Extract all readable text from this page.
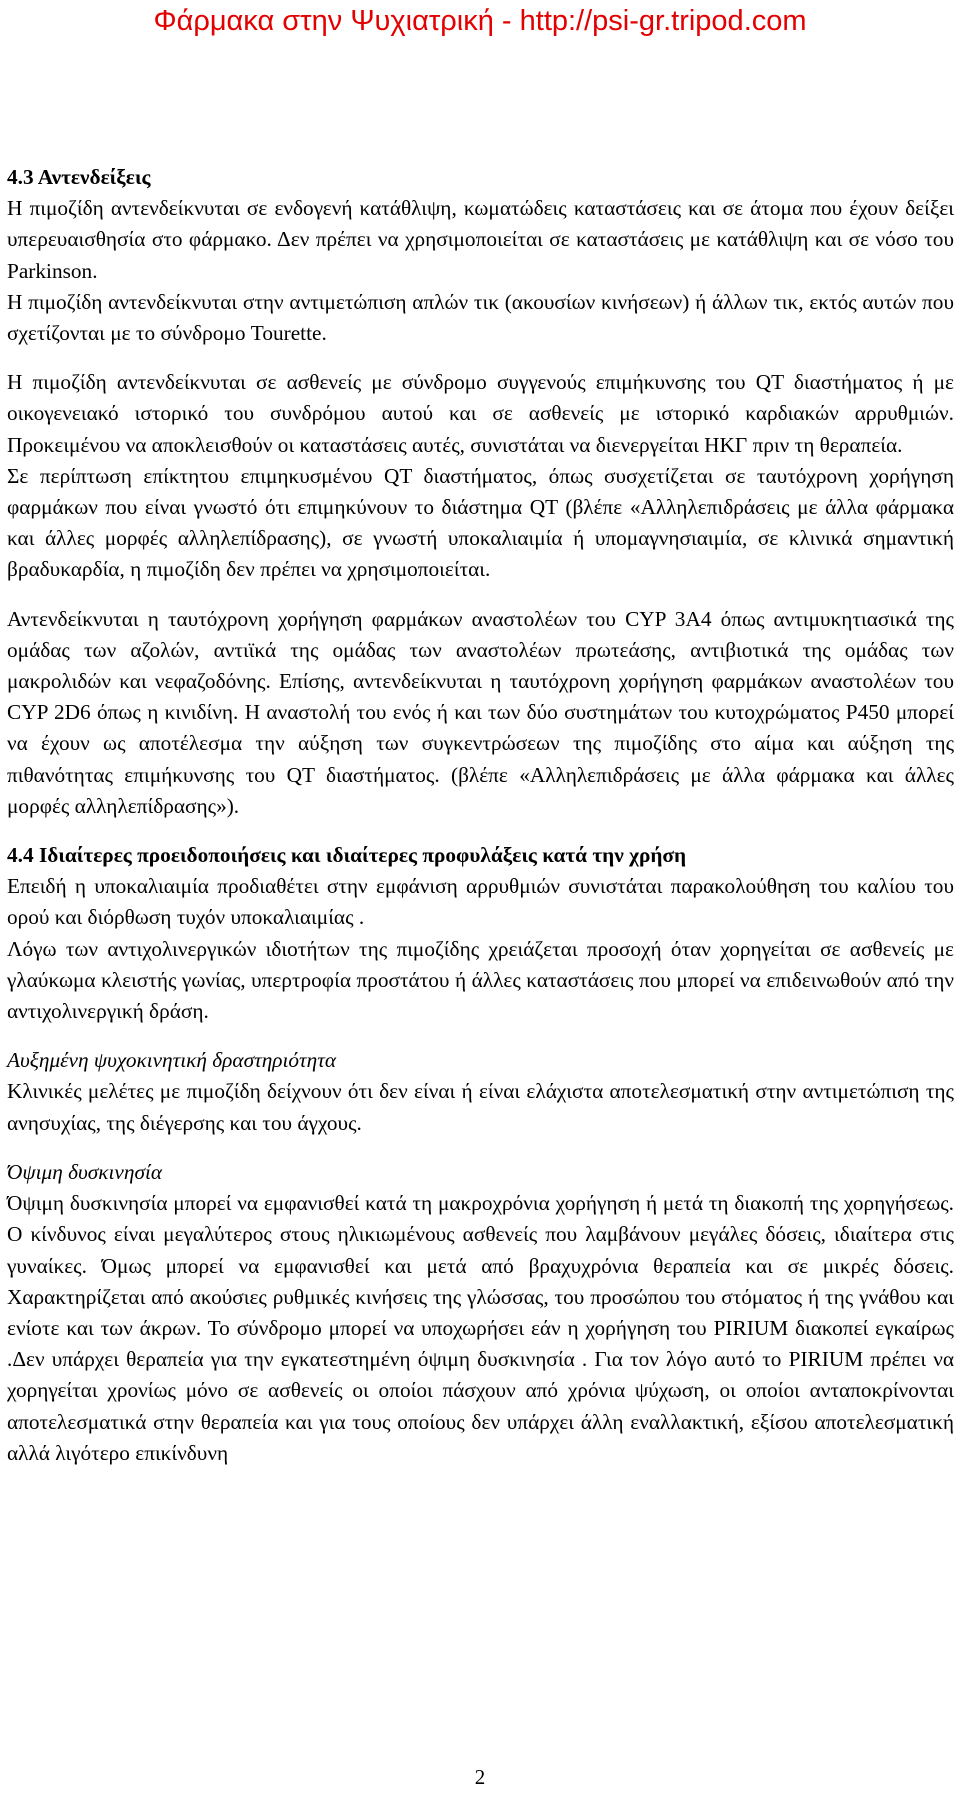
Φάρμακα στην Ψυχιατρική - http://psi-gr.tripod.com

4.3 Αντενδείξεις

Η πιμοζίδη αντενδείκνυται σε ενδογενή κατάθλιψη, κωματώδεις καταστάσεις και σε άτομα που έχουν δείξει υπερευαισθησία στο φάρμακο. Δεν πρέπει να χρησιμοποιείται σε καταστάσεις με κατάθλιψη και σε νόσο του Parkinson.

Η πιμοζίδη αντενδείκνυται στην αντιμετώπιση απλών τικ (ακουσίων κινήσεων) ή άλλων τικ, εκτός αυτών που σχετίζονται με το σύνδρομο Tourette.

Η πιμοζίδη αντενδείκνυται σε ασθενείς με σύνδρομο συγγενούς επιμήκυνσης του QT διαστήματος ή με οικογενειακό ιστορικό του συνδρόμου αυτού και σε ασθενείς με ιστορικό καρδιακών αρρυθμιών. Προκειμένου να αποκλεισθούν οι καταστάσεις αυτές, συνιστάται να διενεργείται ΗΚΓ πριν τη θεραπεία.

Σε περίπτωση επίκτητου επιμηκυσμένου QT διαστήματος, όπως συσχετίζεται σε ταυτόχρονη χορήγηση φαρμάκων που είναι γνωστό ότι επιμηκύνουν το διάστημα QT (βλέπε «Αλληλεπιδράσεις με άλλα φάρμακα και άλλες μορφές αλληλεπίδρασης), σε γνωστή υποκαλιαιμία ή υπομαγνησιαιμία, σε κλινικά σημαντική βραδυκαρδία, η πιμοζίδη δεν πρέπει να χρησιμοποιείται.

Αντενδείκνυται η ταυτόχρονη χορήγηση φαρμάκων αναστολέων του CYP 3A4 όπως αντιμυκητιασικά της ομάδας των αζολών, αντιϊκά της ομάδας των αναστολέων πρωτεάσης, αντιβιοτικά της ομάδας των μακρολιδών και νεφαζοδόνης. Επίσης, αντενδείκνυται η ταυτόχρονη χορήγηση φαρμάκων αναστολέων του CYP 2D6 όπως η κινιδίνη. Η αναστολή του ενός ή και των δύο συστημάτων του κυτοχρώματος P450 μπορεί να έχουν ως αποτέλεσμα την αύξηση των συγκεντρώσεων της πιμοζίδης στο αίμα και αύξηση της πιθανότητας επιμήκυνσης του QT διαστήματος. (βλέπε «Αλληλεπιδράσεις με άλλα φάρμακα και άλλες μορφές αλληλεπίδρασης»).

4.4 Ιδιαίτερες προειδοποιήσεις και ιδιαίτερες προφυλάξεις κατά την χρήση

Επειδή η υποκαλιαιμία προδιαθέτει στην εμφάνιση αρρυθμιών συνιστάται παρακολούθηση του καλίου του ορού και διόρθωση τυχόν υποκαλιαιμίας .

Λόγω των αντιχολινεργικών ιδιοτήτων της πιμοζίδης χρειάζεται προσοχή όταν χορηγείται σε ασθενείς με γλαύκωμα κλειστής γωνίας, υπερτροφία προστάτου ή άλλες καταστάσεις που μπορεί να επιδεινωθούν από την αντιχολινεργική δράση.

Αυξημένη ψυχοκινητική δραστηριότητα

Κλινικές μελέτες με πιμοζίδη δείχνουν ότι δεν είναι ή είναι ελάχιστα αποτελεσματική στην αντιμετώπιση της ανησυχίας, της διέγερσης και του άγχους.

Όψιμη δυσκινησία

Όψιμη δυσκινησία μπορεί να εμφανισθεί κατά τη μακροχρόνια χορήγηση ή μετά τη διακοπή της χορηγήσεως. Ο κίνδυνος είναι μεγαλύτερος στους ηλικιωμένους ασθενείς που λαμβάνουν μεγάλες δόσεις, ιδιαίτερα στις γυναίκες. Όμως μπορεί να εμφανισθεί και μετά από βραχυχρόνια θεραπεία και σε μικρές δόσεις. Χαρακτηρίζεται από ακούσιες ρυθμικές κινήσεις της γλώσσας, του προσώπου του στόματος ή της γνάθου και ενίοτε και των άκρων. Το σύνδρομο μπορεί να υποχωρήσει εάν η χορήγηση του PIRIUM διακοπεί εγκαίρως .Δεν υπάρχει θεραπεία για την εγκατεστημένη όψιμη δυσκινησία . Για τον λόγο αυτό το PIRIUM πρέπει να χορηγείται χρονίως μόνο σε ασθενείς οι οποίοι πάσχουν από χρόνια ψύχωση, οι οποίοι ανταποκρίνονται αποτελεσματικά στην θεραπεία και για τους οποίους δεν υπάρχει άλλη εναλλακτική, εξίσου αποτελεσματική αλλά λιγότερο επικίνδυνη

2
